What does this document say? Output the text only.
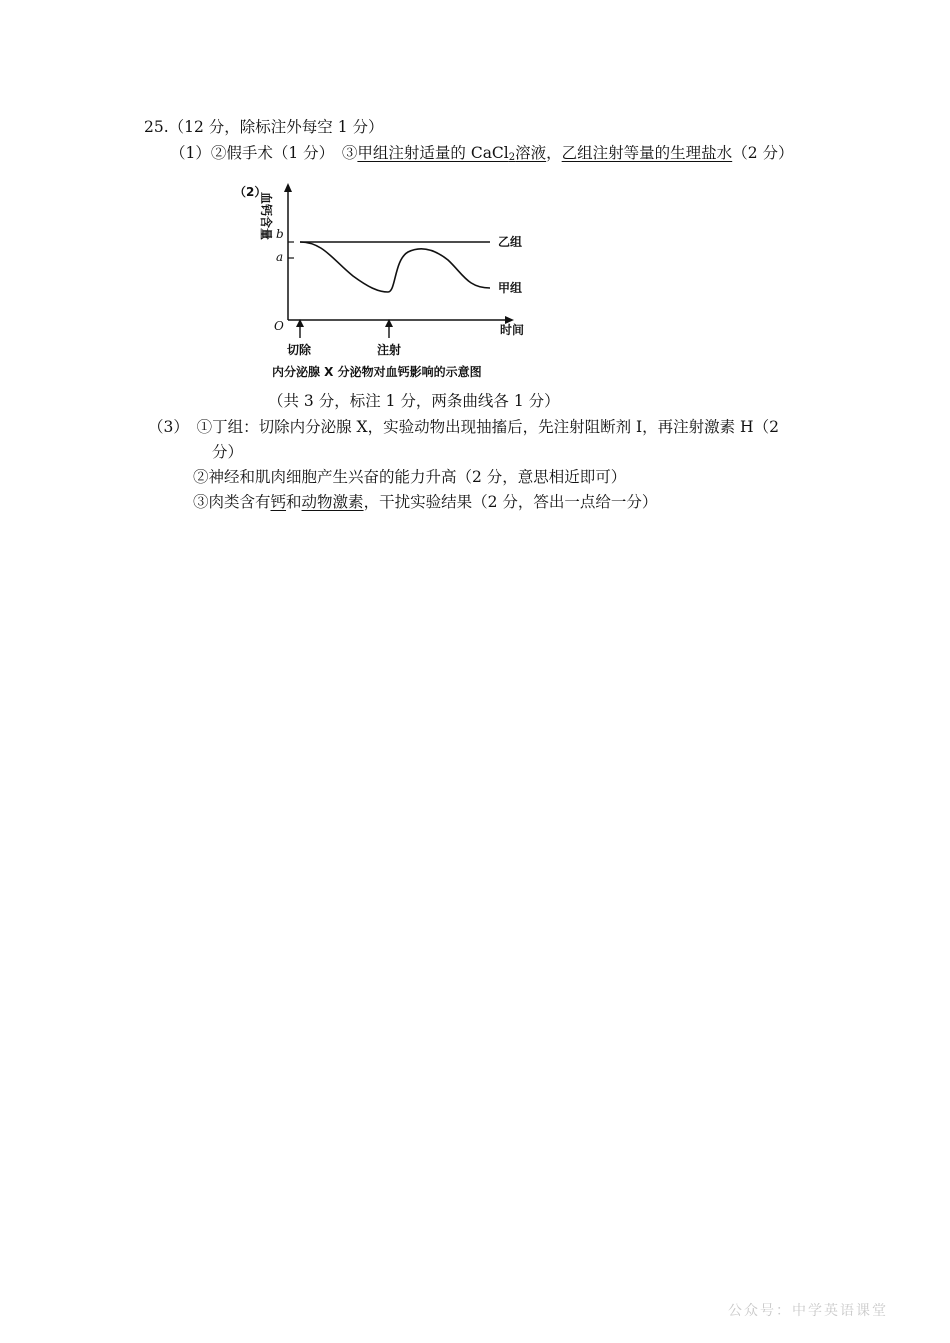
25.（12 分，除标注外每空 1 分）
（1）②假手术（1 分）　③甲组注射适量的 CaCl$_2$溶液，乙组注射等量的生理盐水（2 分）
（2）
血钙含量 b
a
O
乙组
甲组
时间
切除	注射
内分泌腺 X 分泌物对血钙影响的示意图
（共 3 分，标注 1 分，两条曲线各 1 分）
（3）　①丁组：切除内分泌腺 X，实验动物出现抽搐后，先注射阻断剂 I，再注射激素 H（2
分）
②神经和肌肉细胞产生兴奋的能力升高（2 分，意思相近即可）
③肉类含有钙和动物激素，干扰实验结果（2 分，答出一点给一分）
公众号：中学英语课堂
